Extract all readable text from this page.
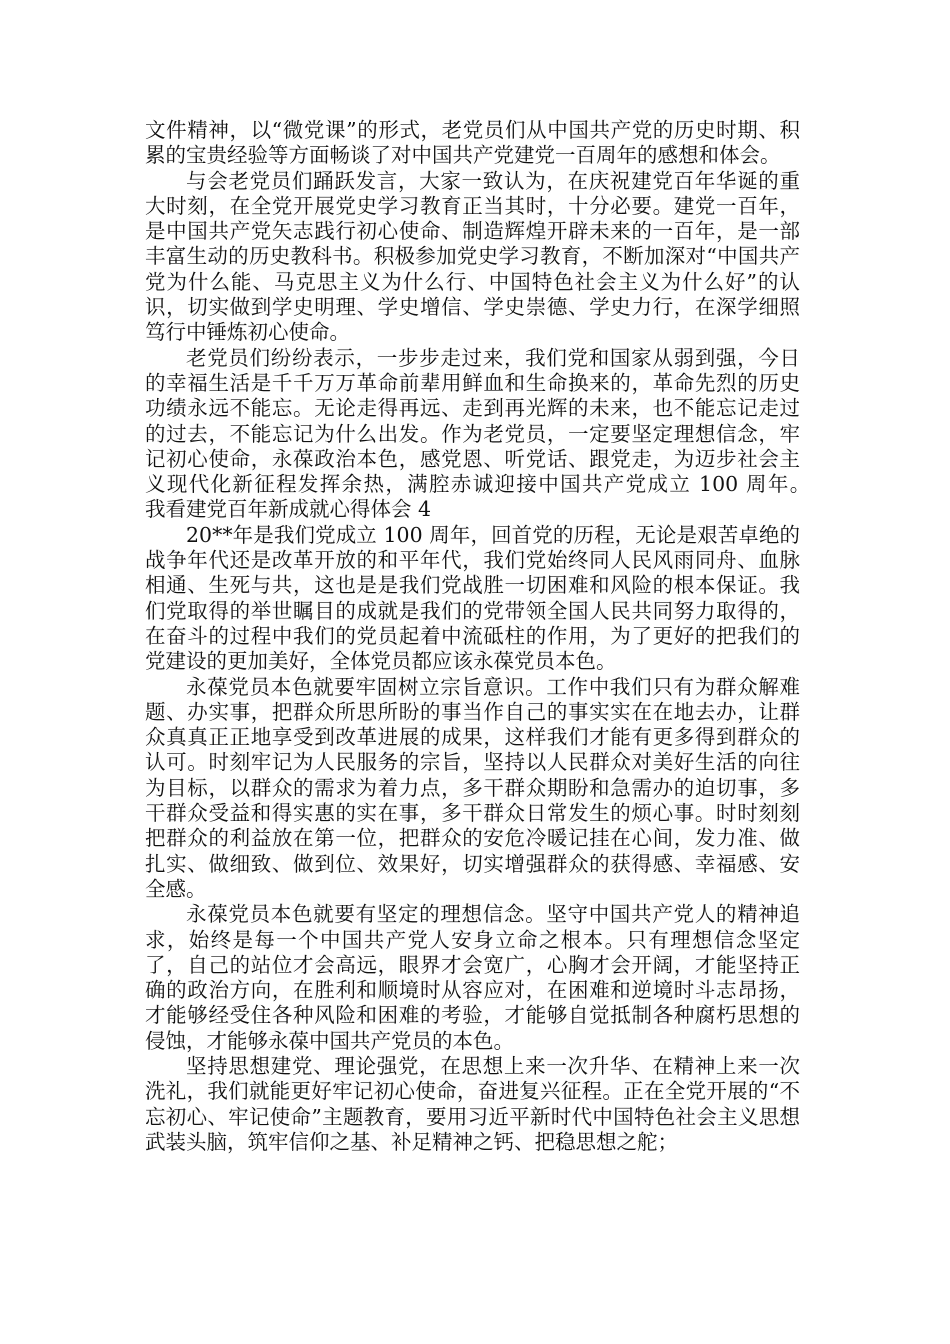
文件精神，以“微党课”的形式，老党员们从中国共产党的历史时期、积累的宝贵经验等方面畅谈了对中国共产党建党一百周年的感想和体会。

与会老党员们踊跃发言，大家一致认为，在庆祝建党百年华诞的重大时刻，在全党开展党史学习教育正当其时，十分必要。建党一百年，是中国共产党矢志践行初心使命、制造辉煌开辟未来的一百年，是一部丰富生动的历史教科书。积极参加党史学习教育，不断加深对“中国共产党为什么能、马克思主义为什么行、中国特色社会主义为什么好”的认识，切实做到学史明理、学史增信、学史崇德、学史力行，在深学细照笃行中锤炼初心使命。

老党员们纷纷表示，一步步走过来，我们党和国家从弱到强，今日的幸福生活是千千万万革命前辈用鲜血和生命换来的，革命先烈的历史功绩永远不能忘。无论走得再远、走到再光辉的未来，也不能忘记走过的过去，不能忘记为什么出发。作为老党员，一定要坚定理想信念，牢记初心使命，永葆政治本色，感党恩、听党话、跟党走，为迈步社会主义现代化新征程发挥余热，满腔赤诚迎接中国共产党成立 100 周年。　　我看建党百年新成就心得体会 4

20**年是我们党成立 100 周年，回首党的历程，无论是艰苦卓绝的战争年代还是改革开放的和平年代，我们党始终同人民风雨同舟、血脉相通、生死与共，这也是是我们党战胜一切困难和风险的根本保证。我们党取得的举世瞩目的成就是我们的党带领全国人民共同努力取得的，在奋斗的过程中我们的党员起着中流砥柱的作用，为了更好的把我们的党建设的更加美好，全体党员都应该永葆党员本色。

永葆党员本色就要牢固树立宗旨意识。工作中我们只有为群众解难题、办实事，把群众所思所盼的事当作自己的事实实在在地去办，让群众真真正正地享受到改革进展的成果，这样我们才能有更多得到群众的认可。时刻牢记为人民服务的宗旨，坚持以人民群众对美好生活的向往为目标，以群众的需求为着力点，多干群众期盼和急需办的迫切事，多干群众受益和得实惠的实在事，多干群众日常发生的烦心事。时时刻刻把群众的利益放在第一位，把群众的安危冷暖记挂在心间，发力准、做扎实、做细致、做到位、效果好，切实增强群众的获得感、幸福感、安全感。

永葆党员本色就要有坚定的理想信念。坚守中国共产党人的精神追求，始终是每一个中国共产党人安身立命之根本。只有理想信念坚定了，自己的站位才会高远，眼界才会宽广，心胸才会开阔，才能坚持正确的政治方向，在胜利和顺境时从容应对，在困难和逆境时斗志昂扬，才能够经受住各种风险和困难的考验，才能够自觉抵制各种腐朽思想的侵蚀，才能够永葆中国共产党员的本色。

坚持思想建党、理论强党，在思想上来一次升华、在精神上来一次洗礼，我们就能更好牢记初心使命，奋进复兴征程。正在全党开展的“不忘初心、牢记使命”主题教育，要用习近平新时代中国特色社会主义思想武装头脑，筑牢信仰之基、补足精神之钙、把稳思想之舵；
